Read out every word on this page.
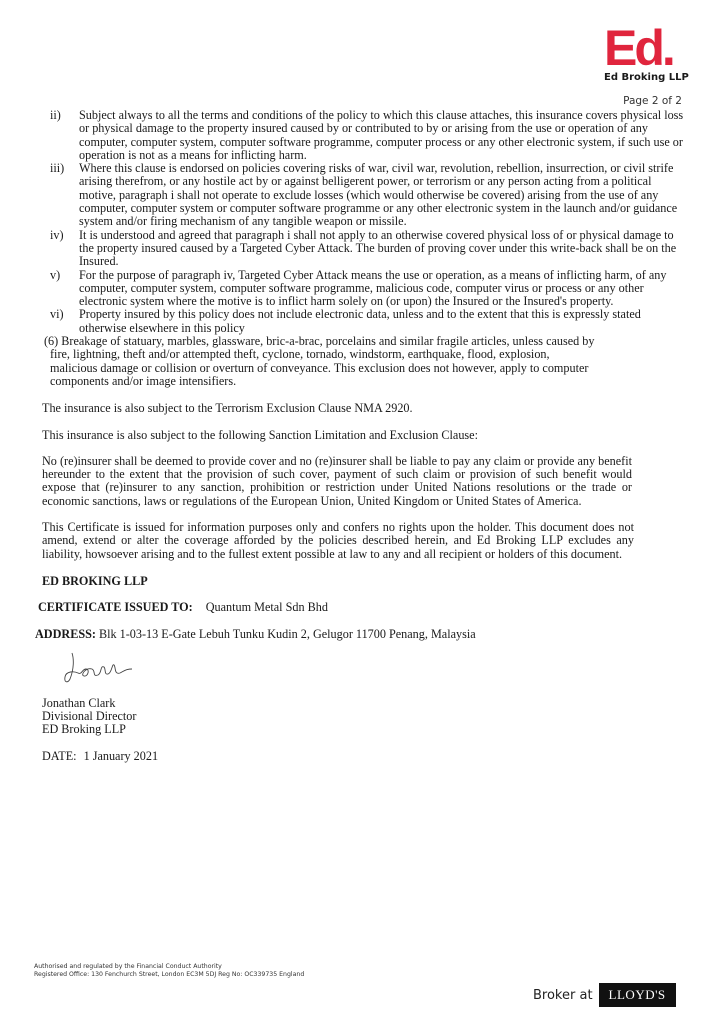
Ed.
Ed Broking LLP
Page 2 of 2
ii)	Subject always to all the terms and conditions of the policy to which this clause attaches, this insurance covers physical loss or physical damage to the property insured caused by or contributed to by or arising from the use or operation of any computer, computer system, computer software programme, computer process or any other electronic system, if such use or operation is not as a means for inflicting harm.
iii)	Where this clause is endorsed on policies covering risks of war, civil war, revolution, rebellion, insurrection, or civil strife arising therefrom, or any hostile act by or against belligerent power, or terrorism or any person acting from a political motive, paragraph i shall not operate to exclude losses (which would otherwise be covered) arising from the use of any computer, computer system or computer software programme or any other electronic system in the launch and/or guidance system and/or firing mechanism of any tangible weapon or missile.
iv)	It is understood and agreed that paragraph i shall not apply to an otherwise covered physical loss of or physical damage to the property insured caused by a Targeted Cyber Attack. The burden of proving cover under this write-back shall be on the Insured.
v)	For the purpose of paragraph iv, Targeted Cyber Attack means the use or operation, as a means of inflicting harm, of any computer, computer system, computer software programme, malicious code, computer virus or process or any other electronic system where the motive is to inflict harm solely on (or upon) the Insured or the Insured's property.
vi)	Property insured by this policy does not include electronic data, unless and to the extent that this is expressly stated otherwise elsewhere in this policy
(6) Breakage of statuary, marbles, glassware, bric-a-brac, porcelains and similar fragile articles, unless caused by
fire, lightning, theft and/or attempted theft, cyclone, tornado, windstorm, earthquake, flood, explosion,
malicious damage or collision or overturn of conveyance. This exclusion does not however, apply to computer
components and/or image intensifiers.
The insurance is also subject to the Terrorism Exclusion Clause NMA 2920.
This insurance is also subject to the following Sanction Limitation and Exclusion Clause:
No (re)insurer shall be deemed to provide cover and no (re)insurer shall be liable to pay any claim or provide any benefit hereunder to the extent that the provision of such cover, payment of such claim or provision of such benefit would expose that (re)insurer to any sanction, prohibition or restriction under United Nations resolutions or the trade or economic sanctions, laws or regulations of the European Union, United Kingdom or United States of America.
This Certificate is issued for information purposes only and confers no rights upon the holder. This document does not amend, extend or alter the coverage afforded by the policies described herein, and Ed Broking LLP excludes any liability, howsoever arising and to the fullest extent possible at law to any and all recipient or holders of this document.
ED BROKING LLP
CERTIFICATE ISSUED TO: Quantum Metal Sdn Bhd
ADDRESS: Blk 1-03-13 E-Gate Lebuh Tunku Kudin 2, Gelugor 11700 Penang, Malaysia
Jonathan Clark
Divisional Director
ED Broking LLP
DATE: 1 January 2021
Authorised and regulated by the Financial Conduct Authority
Registered Office: 130 Fenchurch Street, London EC3M 5DJ Reg No: OC339735 England
Broker at	LLOYD'S
